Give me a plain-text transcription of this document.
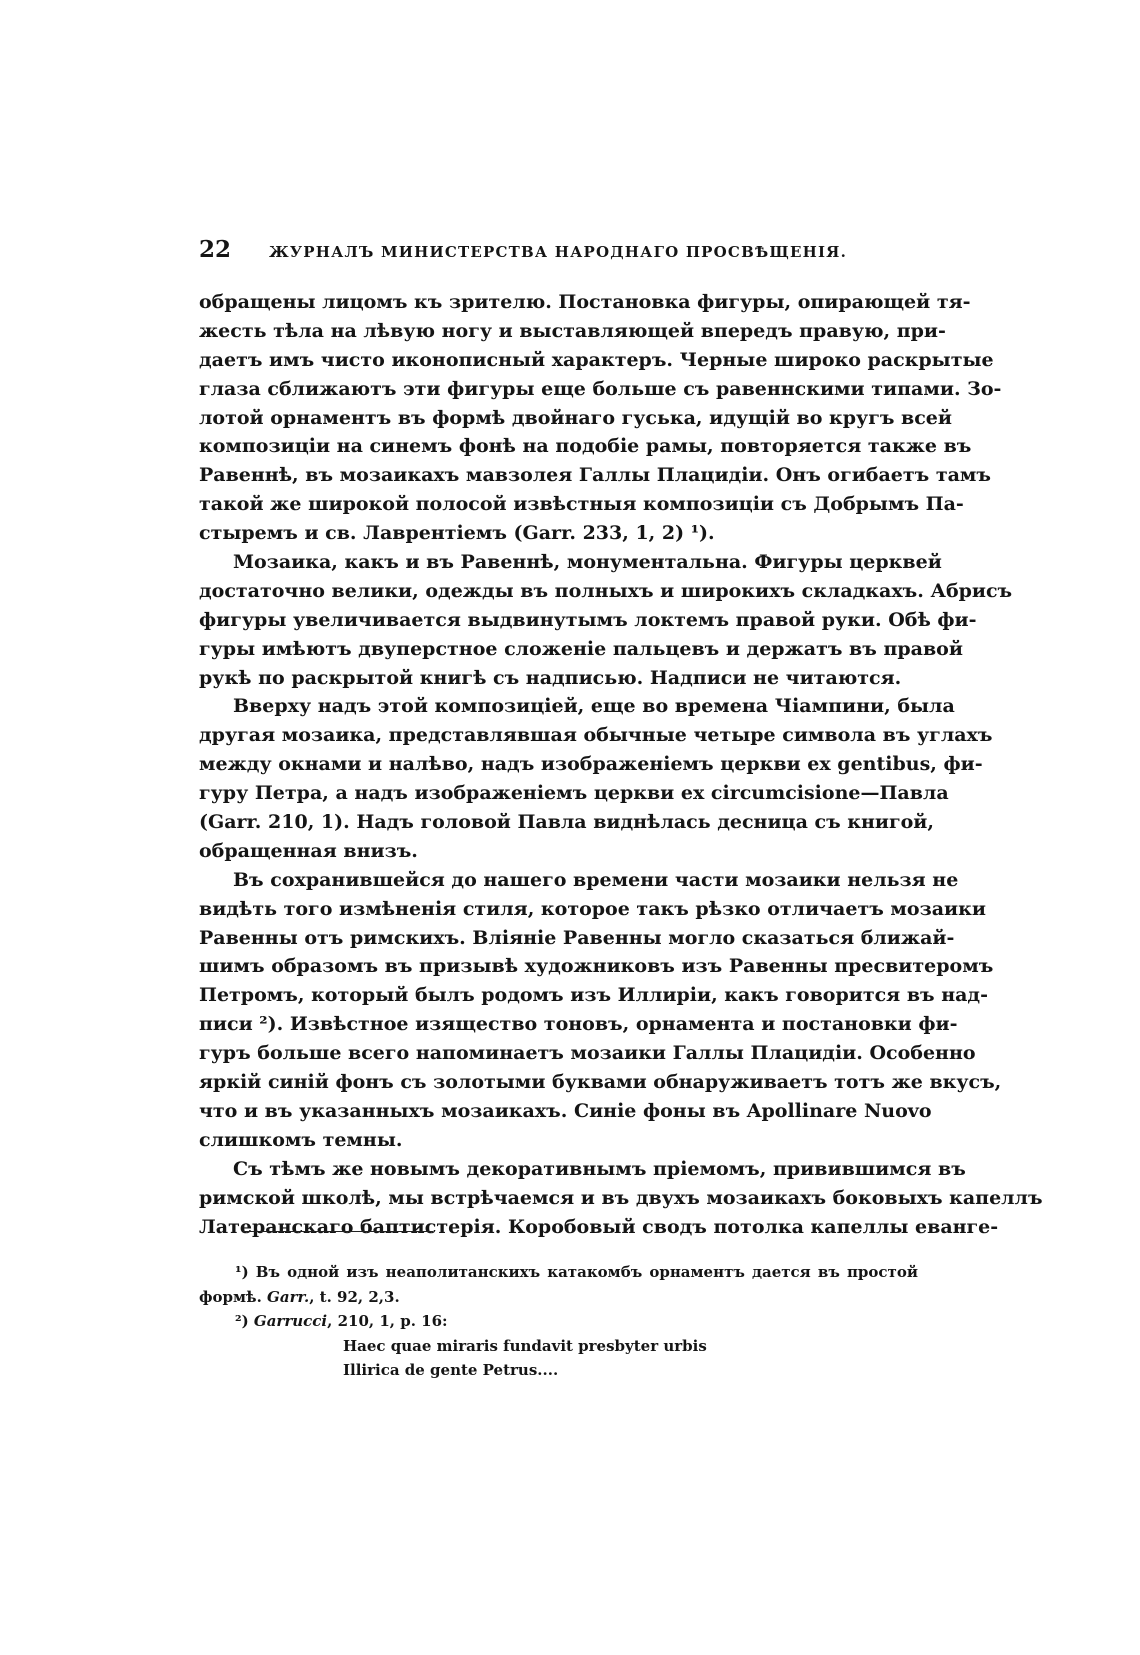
22	ЖУРНАЛЪ МИНИСТЕРСТВА НАРОДНАГО ПРОСВѢЩЕНІЯ.
обращены лицомъ къ зрителю. Постановка фигуры, опирающей тя-
жесть тѣла на лѣвую ногу и выставляющей впередъ правую, при-
даетъ имъ чисто иконописный характеръ. Черные широко раскрытые
глаза сближаютъ эти фигуры еще больше съ равеннскими типами. Зо-
лотой орнаментъ въ формѣ двойнаго гуська, идущій во кругъ всей
композиціи на синемъ фонѣ на подобіе рамы, повторяется также въ
Равеннѣ, въ мозаикахъ мавзолея Галлы Плацидіи. Онъ огибаетъ тамъ
такой же широкой полосой извѣстныя композиціи съ Добрымъ Па-
стыремъ и св. Лаврентіемъ (Garr. 233, 1, 2) ¹).
Мозаика, какъ и въ Равеннѣ, монументальна. Фигуры церквей
достаточно велики, одежды въ полныхъ и широкихъ складкахъ. Абрисъ
фигуры увеличивается выдвинутымъ локтемъ правой руки. Обѣ фи-
гуры имѣютъ двуперстное сложеніе пальцевъ и держатъ въ правой
рукѣ по раскрытой книгѣ съ надписью. Надписи не читаются.
Вверху надъ этой композиціей, еще во времена Чіампини, была
другая мозаика, представлявшая обычные четыре символа въ углахъ
между окнами и налѣво, надъ изображеніемъ церкви ex gentibus, фи-
гуру Петра, а надъ изображеніемъ церкви ex circumcisione—Павла
(Garr. 210, 1). Надъ головой Павла виднѣлась десница съ книгой,
обращенная внизъ.
Въ сохранившейся до нашего времени части мозаики нельзя не
видѣть того измѣненія стиля, которое такъ рѣзко отличаетъ мозаики
Равенны отъ римскихъ. Вліяніе Равенны могло сказаться ближай-
шимъ образомъ въ призывѣ художниковъ изъ Равенны пресвитеромъ
Петромъ, который былъ родомъ изъ Иллиріи, какъ говорится въ над-
писи ²). Извѣстное изящество тоновъ, орнамента и постановки фи-
гуръ больше всего напоминаетъ мозаики Галлы Плацидіи. Особенно
яркій синій фонъ съ золотыми буквами обнаруживаетъ тотъ же вкусъ,
что и въ указанныхъ мозаикахъ. Синіе фоны въ Apollinare Nuovo
слишкомъ темны.
Съ тѣмъ же новымъ декоративнымъ пріемомъ, привившимся въ
римской школѣ, мы встрѣчаемся и въ двухъ мозаикахъ боковыхъ капеллъ
Латеранскаго баптистерія. Коробовый сводъ потолка капеллы еванге-
¹) Въ одной изъ неаполитанскихъ катакомбъ орнаментъ дается въ простой
формѣ. Garr., t. 92, 2,3.
²) Garrucci, 210, 1, p. 16:
Haec quae miraris fundavit presbyter urbis
Illirica de gente Petrus....
